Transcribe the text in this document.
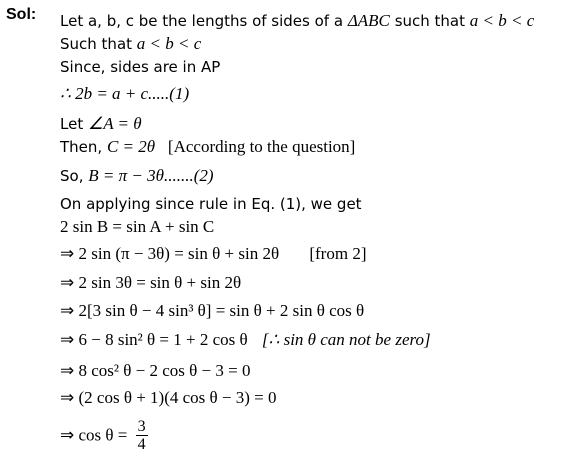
Sol: Let a, b, c be the lengths of sides of a ΔABC such that a < b < c
Such that a < b < c
Since, sides are in AP
∴ 2b = a + c.....(1)
Let ∠A = θ
Then, C = 2θ [According to the question]
So, B = π − 3θ.......(2)
On applying since rule in Eq. (1), we get
2 sin B = sin A + sin C
⇒ 2 sin (π − 3θ) = sin θ + sin 2θ [from 2]
⇒ 2 sin 3θ = sin θ + sin 2θ
⇒ 2[3 sin θ − 4 sin³ θ] = sin θ + 2 sin θ cos θ
⇒ 6 − 8 sin² θ = 1 + 2 cos θ [∴ sin θ can not be zero]
⇒ 8 cos² θ − 2 cos θ − 3 = 0
⇒ (2 cos θ + 1)(4 cos θ − 3) = 0
⇒ $\cos \theta = \frac{3}{4}$
